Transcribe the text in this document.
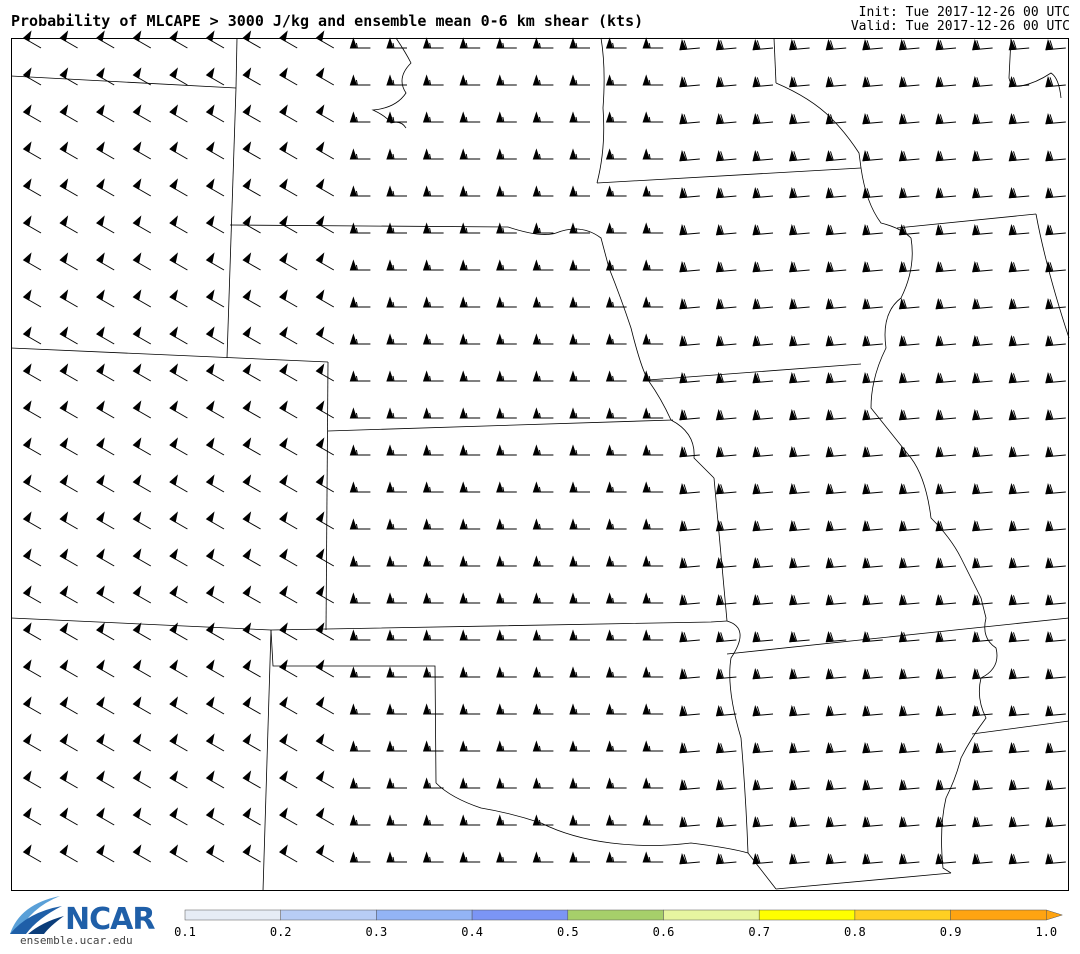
Probability of MLCAPE > 3000 J/kg and ensemble mean 0-6 km shear (kts)	Init: Tue 2017-12-26 00 UTC
Valid: Tue 2017-12-26 00 UTC
NCAR
ensemble.ucar.edu
0.1	0.2	0.3	0.4	0.5	0.6	0.7	0.8	0.9	1.0
